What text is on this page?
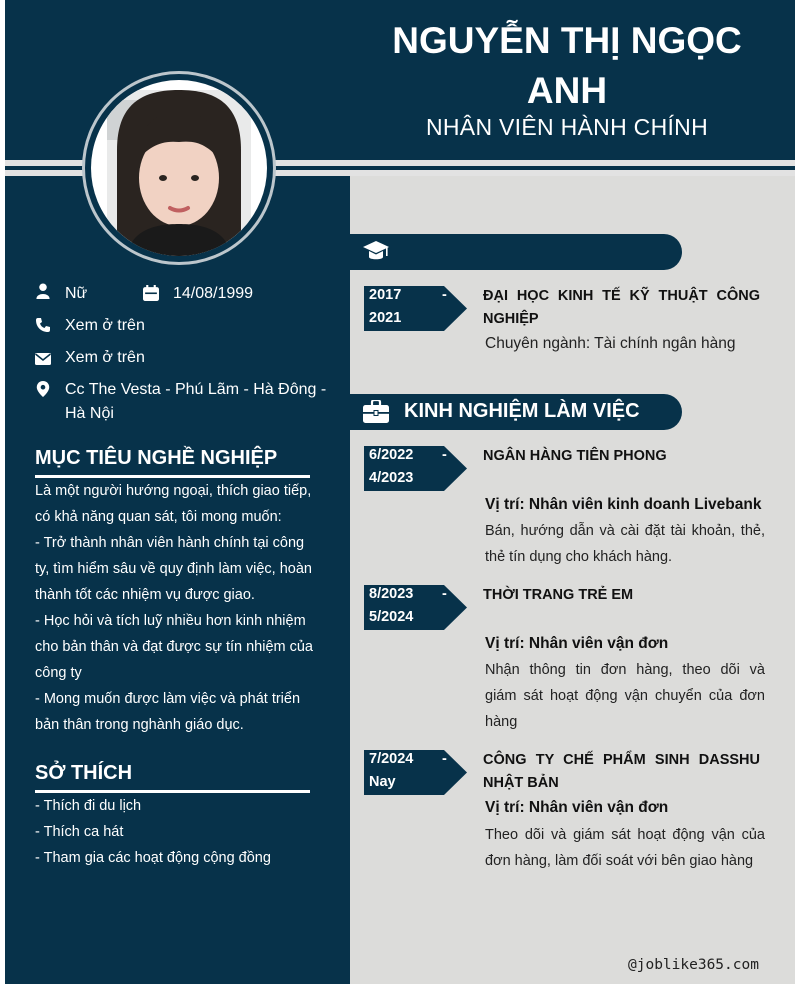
NGUYỄN THỊ NGỌC
ANH
NHÂN VIÊN HÀNH CHÍNH
Nữ	14/08/1999
Xem ở trên
Xem ở trên
Cc The Vesta - Phú Lãm - Hà Đông -
Hà Nội
MỤC TIÊU NGHỀ NGHIỆP
Là một người hướng ngoại, thích giao tiếp,
có khả năng quan sát, tôi mong muốn:
- Trở thành nhân viên hành chính tại công
ty, tìm hiểm sâu về quy định làm việc, hoàn
thành tốt các nhiệm vụ được giao.
- Học hỏi và tích luỹ nhiều hơn kinh nhiệm
cho bản thân và đạt được sự tín nhiệm của
công ty
- Mong muốn được làm việc và phát triển
bản thân trong nghành giáo dục.
SỞ THÍCH
- Thích đi du lịch
- Thích ca hát
- Tham gia các hoạt động cộng đồng
2017	-
2021
ĐẠI HỌC KINH TẾ KỸ THUẬT CÔNG
NGHIỆP
Chuyên ngành: Tài chính ngân hàng
KINH NGHIỆM LÀM VIỆC
6/2022 -
4/2023
NGÂN HÀNG TIÊN PHONG
Vị trí: Nhân viên kinh doanh Livebank
Bán, hướng dẫn và cài đặt tài khoản, thẻ,
thẻ tín dụng cho khách hàng.
8/2023 -
5/2024
THỜI TRANG TRẺ EM
Vị trí: Nhân viên vận đơn
Nhận thông tin đơn hàng, theo dõi và
giám sát hoạt động vận chuyển của đơn
hàng
7/2024 -
Nay
CÔNG TY CHẾ PHẨM SINH DASSHU
NHẬT BẢN
Vị trí: Nhân viên vận đơn
Theo dõi và giám sát hoạt động vận của
đơn hàng, làm đối soát với bên giao hàng
@joblike365.com
